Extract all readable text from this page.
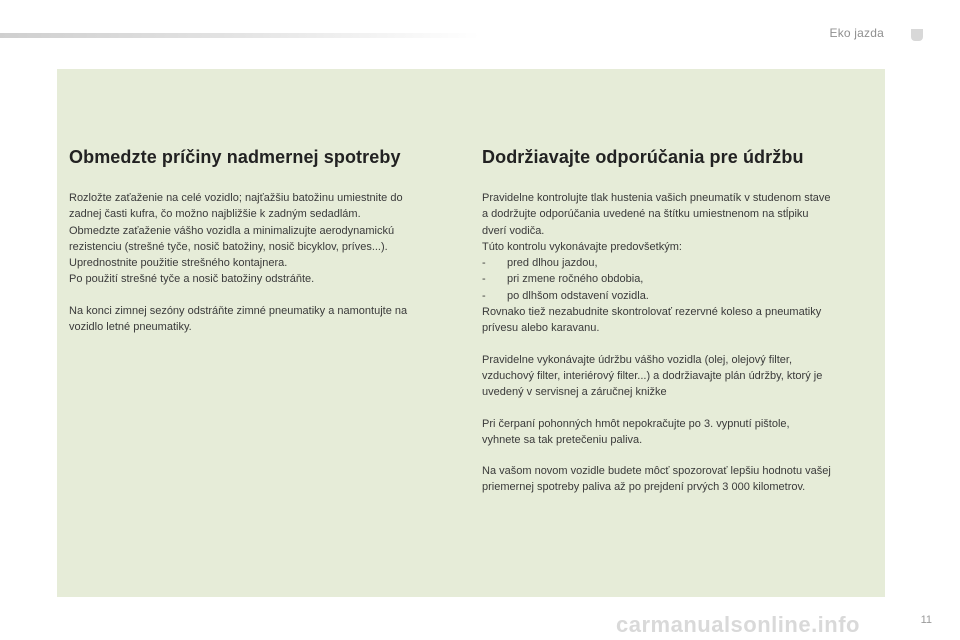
Eko jazda
Obmedzte príčiny nadmernej spotreby

Rozložte zaťaženie na celé vozidlo; najťažšiu batožinu umiestnite do
zadnej časti kufra, čo možno najbližšie k zadným sedadlám.
Obmedzte zaťaženie vášho vozidla a minimalizujte aerodynamickú
rezistenciu (strešné tyče, nosič batožiny, nosič bicyklov, príves...).
Uprednostnite použitie strešného kontajnera.
Po použití strešné tyče a nosič batožiny odstráňte.

Na konci zimnej sezóny odstráňte zimné pneumatiky a namontujte na
vozidlo letné pneumatiky.

Dodržiavajte odporúčania pre údržbu

Pravidelne kontrolujte tlak hustenia vašich pneumatík v studenom stave
a dodržujte odporúčania uvedené na štítku umiestnenom na stĺpiku
dverí vodiča.
Túto kontrolu vykonávajte predovšetkým:
- pred dlhou jazdou,
- pri zmene ročného obdobia,
- po dlhšom odstavení vozidla.
Rovnako tiež nezabudnite skontrolovať rezervné koleso a pneumatiky
prívesu alebo karavanu.

Pravidelne vykonávajte údržbu vášho vozidla (olej, olejový filter,
vzduchový filter, interiérový filter...) a dodržiavajte plán údržby, ktorý je
uvedený v servisnej a záručnej knižke

Pri čerpaní pohonných hmôt nepokračujte po 3. vypnutí pištole,
vyhnete sa tak pretečeniu paliva.

Na vašom novom vozidle budete môcť spozorovať lepšiu hodnotu vašej
priemernej spotreby paliva až po prejdení prvých 3 000 kilometrov.

carmanualsonline.info	11
